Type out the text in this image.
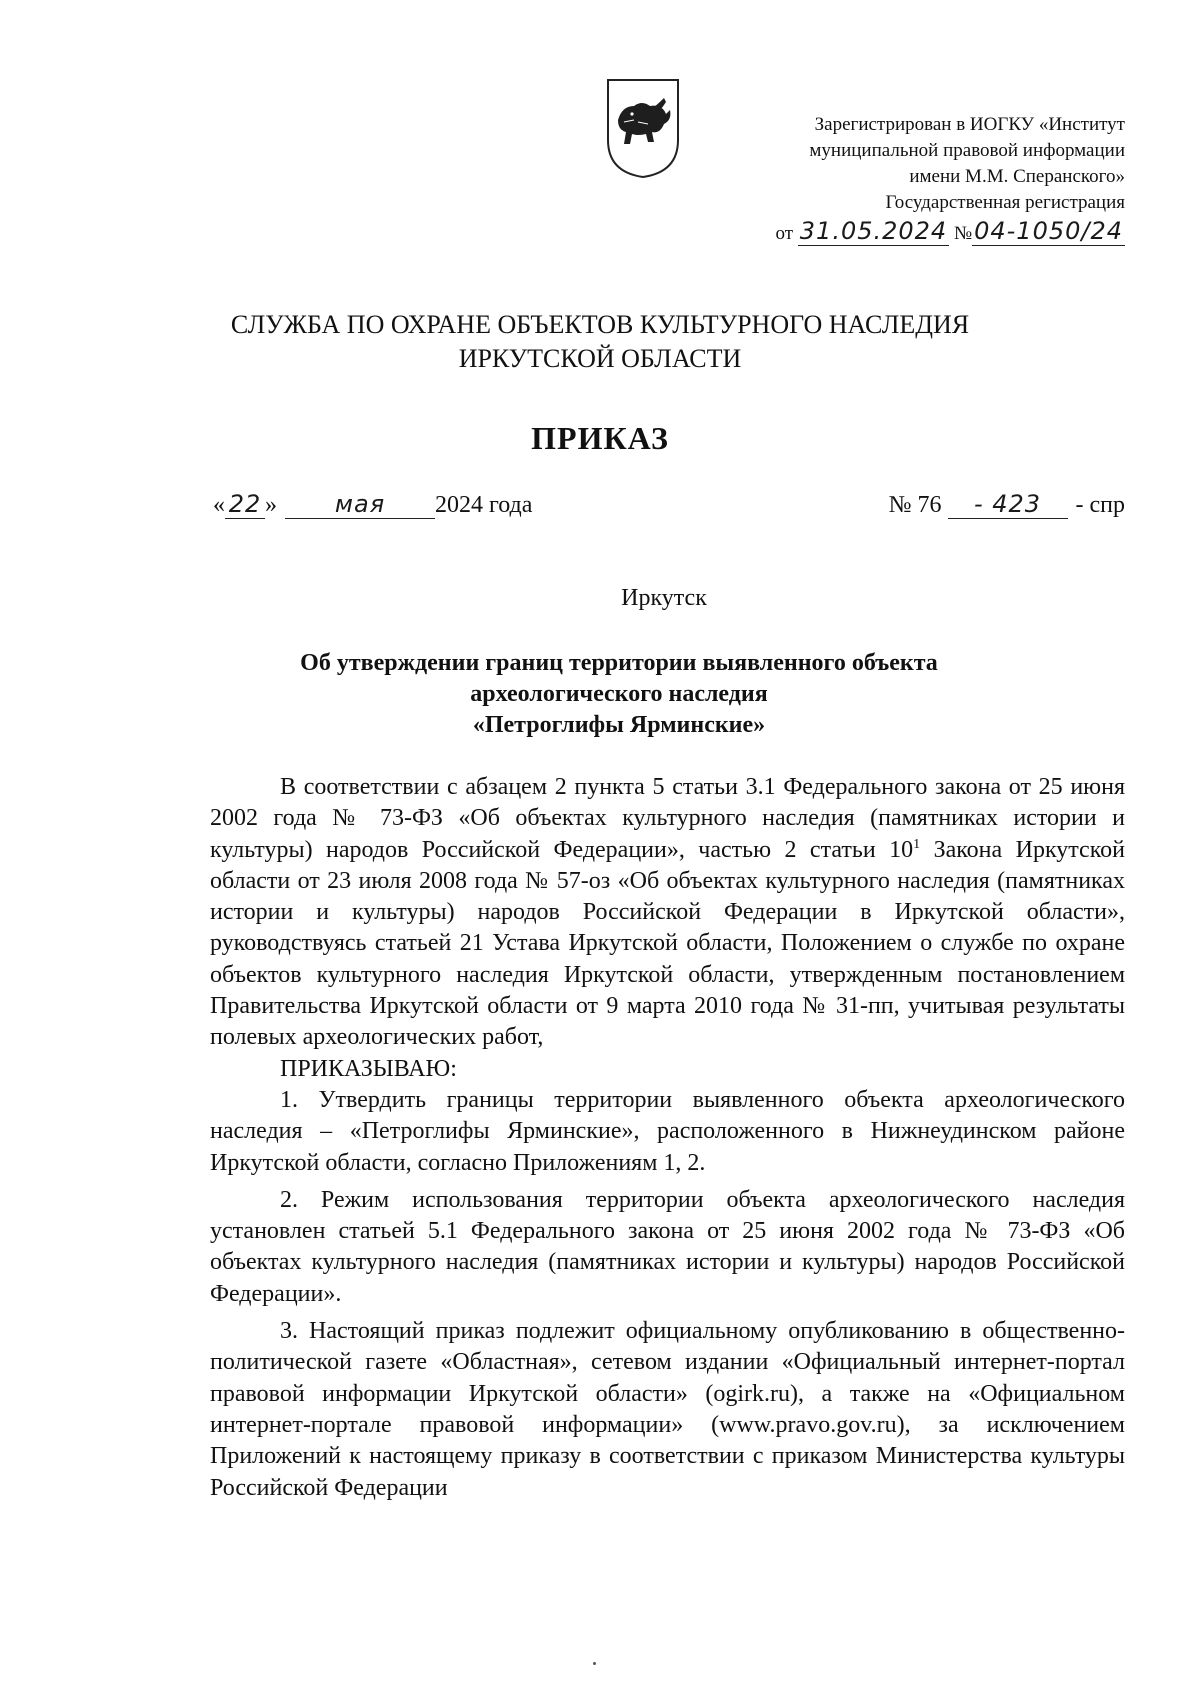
Зарегистрирован в ИОГКУ «Институт
муниципальной правовой информации
имени М.М. Сперанского»
Государственная регистрация
от 31.05.2024 №04-1050/24
СЛУЖБА ПО ОХРАНЕ ОБЪЕКТОВ КУЛЬТУРНОГО НАСЛЕДИЯ
ИРКУТСКОЙ ОБЛАСТИ
ПРИКАЗ
« 22 »	мая	2024 года	№ 76	- 423	- спр
Иркутск
Об утверждении границ территории выявленного объекта
археологического наследия
«Петроглифы Ярминские»

В соответствии с абзацем 2 пункта 5 статьи 3.1 Федерального закона от 25 июня 2002 года № 73-ФЗ «Об объектах культурного наследия (памятниках истории и культуры) народов Российской Федерации», частью 2 статьи $10^1$ Закона Иркутской области от 23 июля 2008 года № 57-оз «Об объектах культурного наследия (памятниках истории и культуры) народов Российской Федерации в Иркутской области», руководствуясь статьей 21 Устава Иркутской области, Положением о службе по охране объектов культурного наследия Иркутской области, утвержденным постановлением Правительства Иркутской области от 9 марта 2010 года № 31-пп, учитывая результаты полевых археологических работ,

ПРИКАЗЫВАЮ:

1. Утвердить границы территории выявленного объекта археологического наследия – «Петроглифы Ярминские», расположенного в Нижнеудинском районе Иркутской области, согласно Приложениям 1, 2.

2. Режим использования территории объекта археологического наследия установлен статьей 5.1 Федерального закона от 25 июня 2002 года № 73-ФЗ «Об объектах культурного наследия (памятниках истории и культуры) народов Российской Федерации».

3. Настоящий приказ подлежит официальному опубликованию в общественно-политической газете «Областная», сетевом издании «Официальный интернет-портал правовой информации Иркутской области» (ogirk.ru), а также на «Официальном интернет-портале правовой информации» (www.pravo.gov.ru), за исключением Приложений к настоящему приказу в соответствии с приказом Министерства культуры Российской Федерации
